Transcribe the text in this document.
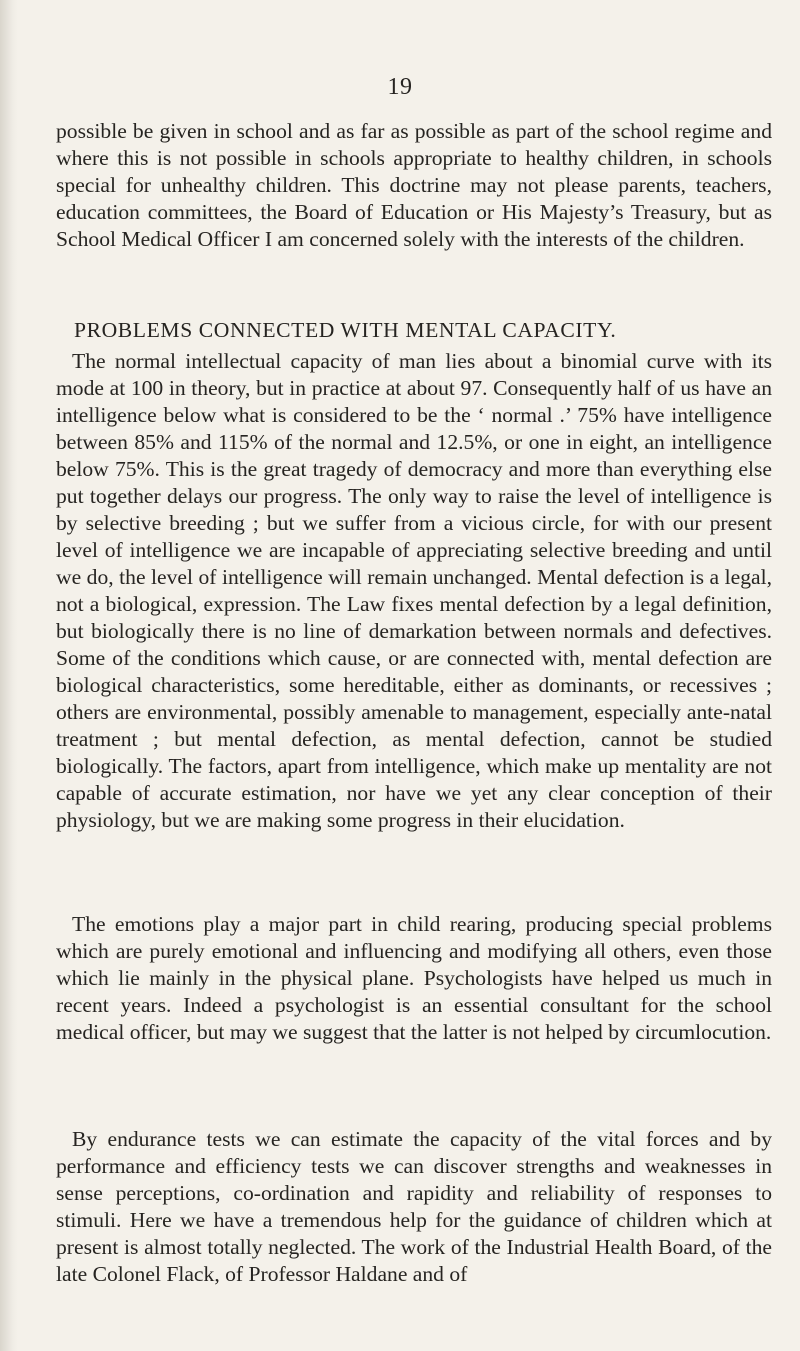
19

possible be given in school and as far as possible as part of the school regime and where this is not possible in schools appropriate to healthy children, in schools special for unhealthy children. This doctrine may not please parents, teachers, education committees, the Board of Education or His Majesty’s Treasury, but as School Medical Officer I am concerned solely with the interests of the children.

PROBLEMS CONNECTED WITH MENTAL CAPACITY.

The normal intellectual capacity of man lies about a binomial curve with its mode at 100 in theory, but in practice at about 97. Consequently half of us have an intelligence below what is considered to be the ‘ normal .’ 75% have intelligence between 85% and 115% of the normal and 12.5%, or one in eight, an intelligence below 75%. This is the great tragedy of democracy and more than everything else put together delays our progress. The only way to raise the level of intelligence is by selective breeding ; but we suffer from a vicious circle, for with our present level of intelligence we are incapable of appreciating selective breeding and until we do, the level of intelligence will remain unchanged. Mental defection is a legal, not a biological, expression. The Law fixes mental defection by a legal definition, but biologically there is no line of demarkation between normals and defectives. Some of the conditions which cause, or are connected with, mental defection are biological characteristics, some hereditable, either as dominants, or recessives ; others are environmental, possibly amenable to management, especially ante-natal treatment ; but mental defection, as mental defection, cannot be studied biologically. The factors, apart from intelligence, which make up mentality are not capable of accurate estimation, nor have we yet any clear conception of their physiology, but we are making some progress in their elucidation.

The emotions play a major part in child rearing, producing special problems which are purely emotional and influencing and modifying all others, even those which lie mainly in the physical plane. Psychologists have helped us much in recent years. Indeed a psychologist is an essential consultant for the school medical officer, but may we suggest that the latter is not helped by circumlocution.

By endurance tests we can estimate the capacity of the vital forces and by performance and efficiency tests we can discover strengths and weaknesses in sense perceptions, co-ordination and rapidity and reliability of responses to stimuli. Here we have a tremendous help for the guidance of children which at present is almost totally neglected. The work of the Industrial Health Board, of the late Colonel Flack, of Professor Haldane and of
